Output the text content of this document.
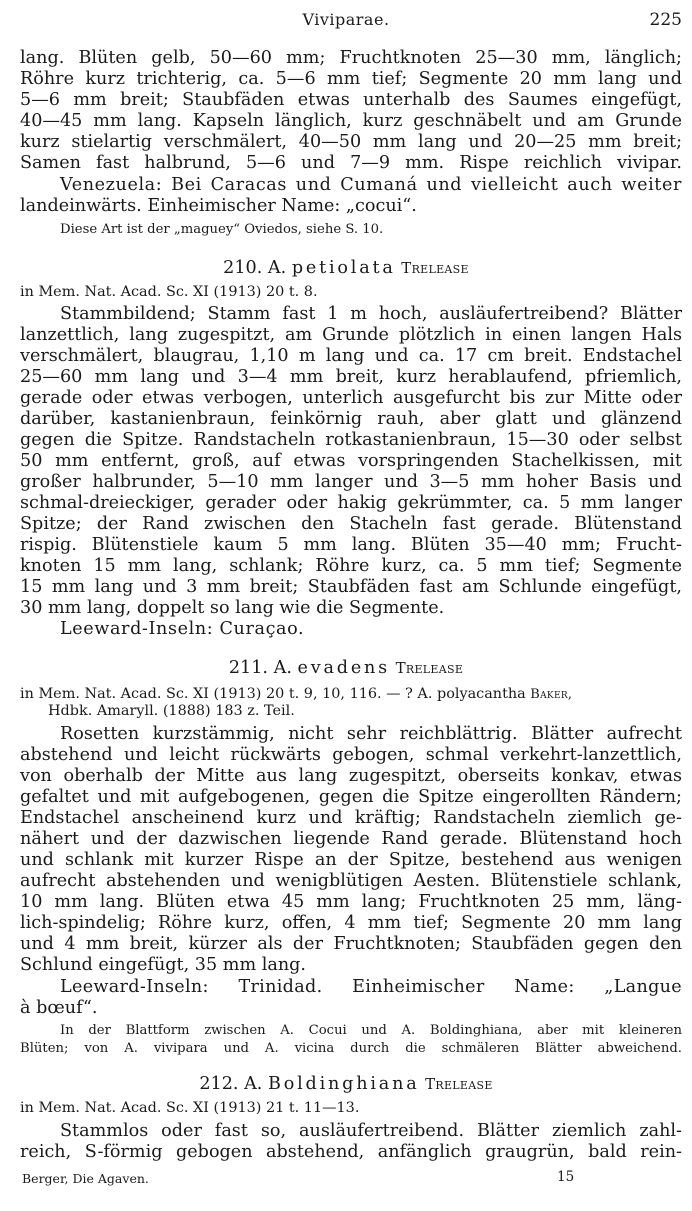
Viviparae.	225
lang. Blüten gelb, 50—60 mm; Fruchtknoten 25—30 mm, länglich;
Röhre kurz trichterig, ca. 5—6 mm tief; Segmente 20 mm lang und
5—6 mm breit; Staubfäden etwas unterhalb des Saumes eingefügt,
40—45 mm lang. Kapseln länglich, kurz geschnäbelt und am Grunde
kurz stielartig verschmälert, 40—50 mm lang und 20—25 mm breit;
Samen fast halbrund, 5—6 und 7—9 mm. Rispe reichlich vivipar.
Venezuela: Bei Caracas und Cumaná und vielleicht auch weiter
landeinwärts. Einheimischer Name: „cocui“.
Diese Art ist der „maguey“ Oviedos, siehe S. 10.
210. A. petiolata Trelease
in Mem. Nat. Acad. Sc. XI (1913) 20 t. 8.
Stammbildend; Stamm fast 1 m hoch, ausläufertreibend? Blätter
lanzettlich, lang zugespitzt, am Grunde plötzlich in einen langen Hals
verschmälert, blaugrau, 1,10 m lang und ca. 17 cm breit. Endstachel
25—60 mm lang und 3—4 mm breit, kurz herablaufend, pfriemlich,
gerade oder etwas verbogen, unterlich ausgefurcht bis zur Mitte oder
darüber, kastanienbraun, feinkörnig rauh, aber glatt und glänzend
gegen die Spitze. Randstacheln rotkastanienbraun, 15—30 oder selbst
50 mm entfernt, groß, auf etwas vorspringenden Stachelkissen, mit
großer halbrunder, 5—10 mm langer und 3—5 mm hoher Basis und
schmal-dreieckiger, gerader oder hakig gekrümmter, ca. 5 mm langer
Spitze; der Rand zwischen den Stacheln fast gerade. Blütenstand
rispig. Blütenstiele kaum 5 mm lang. Blüten 35—40 mm; Frucht-
knoten 15 mm lang, schlank; Röhre kurz, ca. 5 mm tief; Segmente
15 mm lang und 3 mm breit; Staubfäden fast am Schlunde eingefügt,
30 mm lang, doppelt so lang wie die Segmente.
Leeward-Inseln: Curaçao.
211. A. evadens Trelease
in Mem. Nat. Acad. Sc. XI (1913) 20 t. 9, 10, 116. — ? A. polyacantha Baker,
Hdbk. Amaryll. (1888) 183 z. Teil.
Rosetten kurzstämmig, nicht sehr reichblättrig. Blätter aufrecht
abstehend und leicht rückwärts gebogen, schmal verkehrt-lanzettlich,
von oberhalb der Mitte aus lang zugespitzt, oberseits konkav, etwas
gefaltet und mit aufgebogenen, gegen die Spitze eingerollten Rändern;
Endstachel anscheinend kurz und kräftig; Randstacheln ziemlich ge-
nähert und der dazwischen liegende Rand gerade. Blütenstand hoch
und schlank mit kurzer Rispe an der Spitze, bestehend aus wenigen
aufrecht abstehenden und wenigblütigen Aesten. Blütenstiele schlank,
10 mm lang. Blüten etwa 45 mm lang; Fruchtknoten 25 mm, läng-
lich-spindelig; Röhre kurz, offen, 4 mm tief; Segmente 20 mm lang
und 4 mm breit, kürzer als der Fruchtknoten; Staubfäden gegen den
Schlund eingefügt, 35 mm lang.
Leeward-Inseln: Trinidad. Einheimischer Name: „Langue
à bœuf“.
In der Blattform zwischen A. Cocui und A. Boldinghiana, aber mit kleineren
Blüten; von A. vivipara und A. vicina durch die schmäleren Blätter abweichend.
212. A. Boldinghiana Trelease
in Mem. Nat. Acad. Sc. XI (1913) 21 t. 11—13.
Stammlos oder fast so, ausläufertreibend. Blätter ziemlich zahl-
reich, S-förmig gebogen abstehend, anfänglich graugrün, bald rein-
Berger, Die Agaven.	15
